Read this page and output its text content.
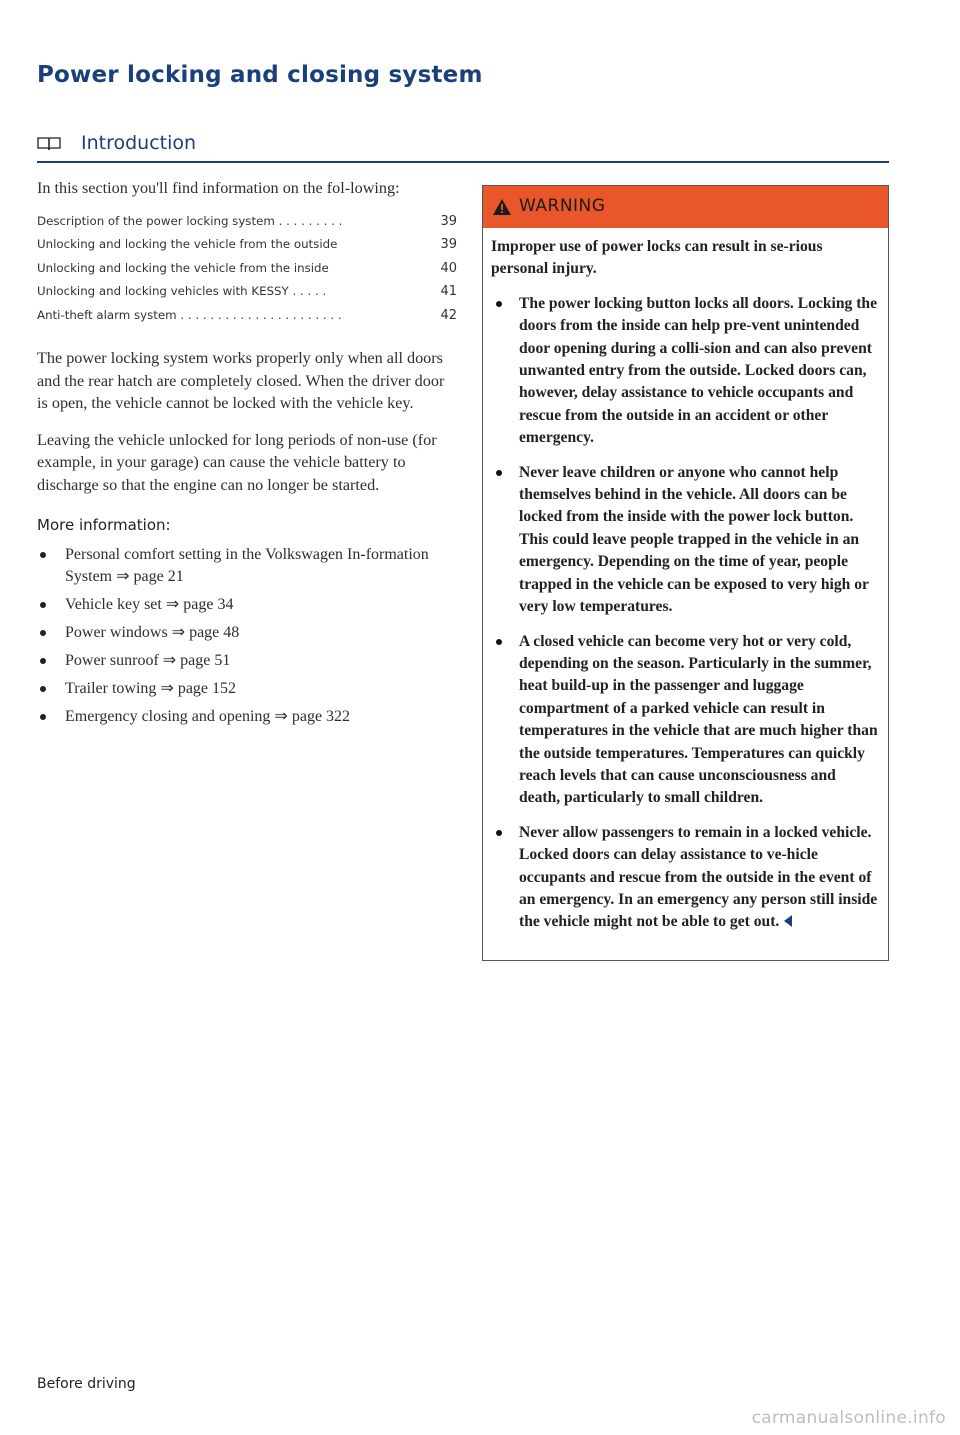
Power locking and closing system
Introduction

In this section you'll find information on the fol-lowing:

Description of the power locking system . . . . . . . . .	39
Unlocking and locking the vehicle from the outside	39
Unlocking and locking the vehicle from the inside	40
Unlocking and locking vehicles with KESSY . . . . .	41
Anti-theft alarm system . . . . . . . . . . . . . . . . . . . . . .	42

The power locking system works properly only when all doors and the rear hatch are completely closed. When the driver door is open, the vehicle cannot be locked with the vehicle key.

Leaving the vehicle unlocked for long periods of non-use (for example, in your garage) can cause the vehicle battery to discharge so that the engine can no longer be started.

More information:
Personal comfort setting in the Volkswagen In-formation System ⇒ page 21
Vehicle key set ⇒ page 34
Power windows ⇒ page 48
Power sunroof ⇒ page 51
Trailer towing ⇒ page 152
Emergency closing and opening ⇒ page 322
WARNING

Improper use of power locks can result in se-rious personal injury.

The power locking button locks all doors. Locking the doors from the inside can help pre-vent unintended door opening during a colli-sion and can also prevent unwanted entry from the outside. Locked doors can, however, delay assistance to vehicle occupants and rescue from the outside in an accident or other emergency.
Never leave children or anyone who cannot help themselves behind in the vehicle. All doors can be locked from the inside with the power lock button. This could leave people trapped in the vehicle in an emergency. Depending on the time of year, people trapped in the vehicle can be exposed to very high or very low temperatures.
A closed vehicle can become very hot or very cold, depending on the season. Particularly in the summer, heat build-up in the passenger and luggage compartment of a parked vehicle can result in temperatures in the vehicle that are much higher than the outside temperatures. Temperatures can quickly reach levels that can cause unconsciousness and death, particularly to small children.
Never allow passengers to remain in a locked vehicle. Locked doors can delay assistance to ve-hicle occupants and rescue from the outside in the event of an emergency. In an emergency any person still inside the vehicle might not be able to get out.
Before driving
carmanualsonline.info
